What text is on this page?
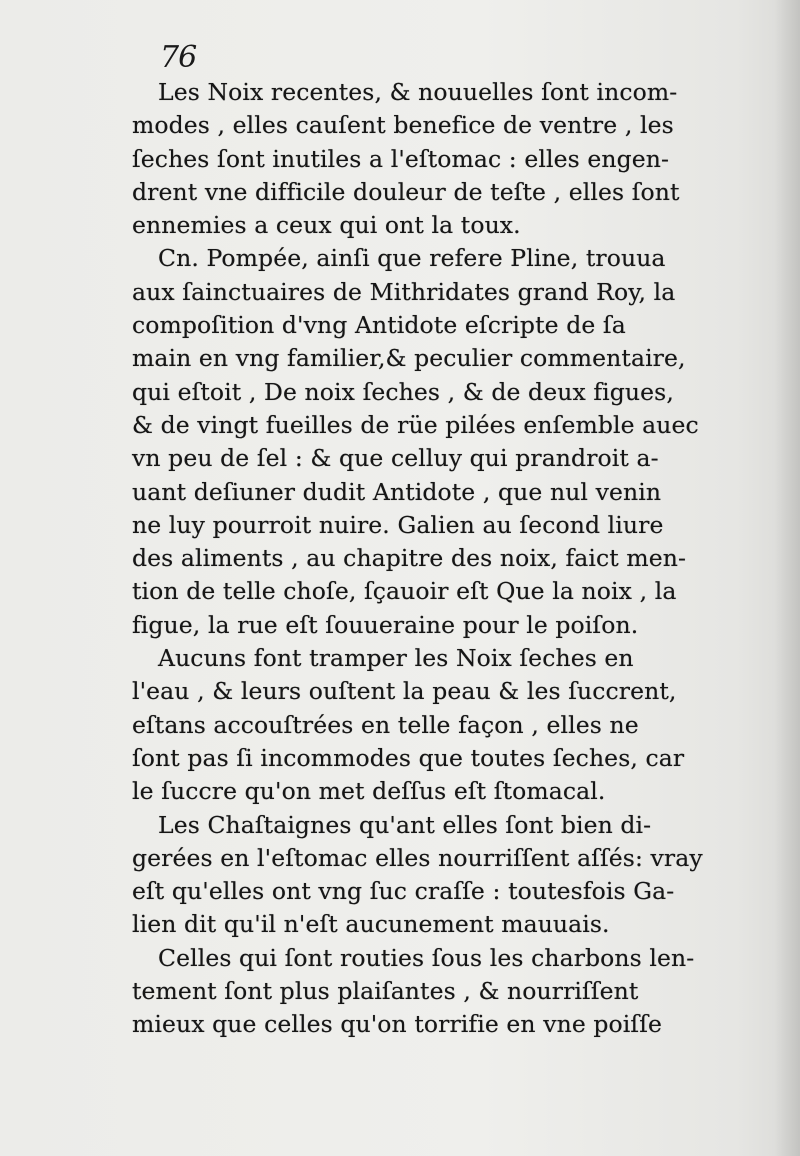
76
Les Noix recentes, & nouuelles ſont incom-
modes , elles cauſent benefice de ventre , les
ſeches ſont inutiles a l'eſtomac : elles engen-
drent vne difficile douleur de teſte , elles ſont
ennemies a ceux qui ont la toux.
Cn. Pompée, ainſi que refere Pline, trouua
aux ſainctuaires de Mithridates grand Roy, la
compoſition d'vng Antidote eſcripte de ſa
main en vng familier,& peculier commentaire,
qui eſtoit , De noix ſeches , & de deux figues,
& de vingt fueilles de rüe pilées enſemble auec
vn peu de ſel : & que celluy qui prandroit a-
uant deſiuner dudit Antidote , que nul venin
ne luy pourroit nuire. Galien au ſecond liure
des aliments , au chapitre des noix, faict men-
tion de telle choſe, ſçauoir eſt Que la noix , la
figue, la rue eſt ſouueraine pour le poiſon.
Aucuns font tramper les Noix ſeches en
l'eau , & leurs ouſtent la peau & les ſuccrent,
eſtans accouſtrées en telle façon , elles ne
ſont pas ſi incommodes que toutes ſeches, car
le ſuccre qu'on met deſſus eſt ſtomacal.
Les Chaſtaignes qu'ant elles ſont bien di-
gerées en l'eſtomac elles nourriſſent aſſés: vray
eſt qu'elles ont vng ſuc craſſe : toutesfois Ga-
lien dit qu'il n'eſt aucunement mauuais.
Celles qui ſont routies ſous les charbons len-
tement ſont plus plaiſantes , & nourriſſent
mieux que celles qu'on torrifie en vne poiſſe
